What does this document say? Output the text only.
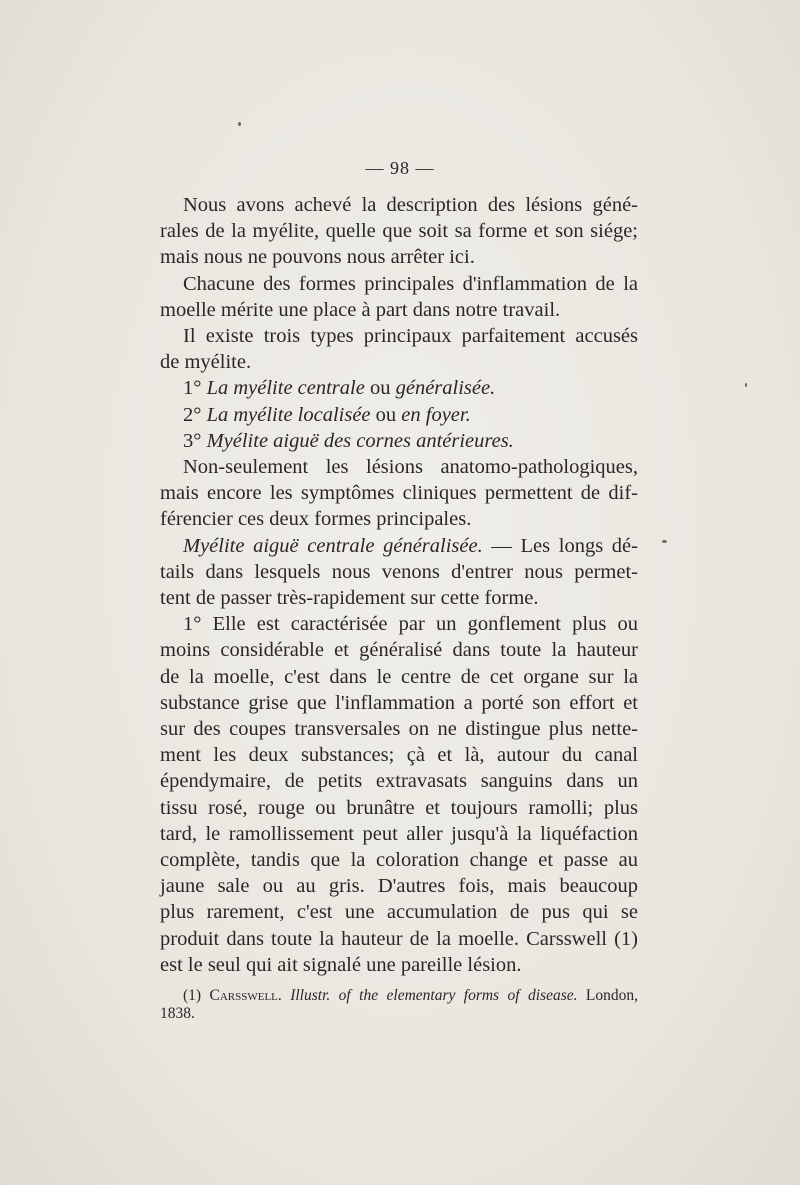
— 98 —
Nous avons achevé la description des lésions géné-
rales de la myélite, quelle que soit sa forme et son siége;
mais nous ne pouvons nous arrêter ici.
Chacune des formes principales d'inflammation de la
moelle mérite une place à part dans notre travail.
Il existe trois types principaux parfaitement accusés
de myélite.
1° La myélite centrale ou généralisée.
2° La myélite localisée ou en foyer.
3° Myélite aiguë des cornes antérieures.
Non-seulement les lésions anatomo-pathologiques,
mais encore les symptômes cliniques permettent de dif-
férencier ces deux formes principales.
Myélite aiguë centrale généralisée. — Les longs dé-
tails dans lesquels nous venons d'entrer nous permet-
tent de passer très-rapidement sur cette forme.
1° Elle est caractérisée par un gonflement plus ou
moins considérable et généralisé dans toute la hauteur
de la moelle, c'est dans le centre de cet organe sur la
substance grise que l'inflammation a porté son effort et
sur des coupes transversales on ne distingue plus nette-
ment les deux substances; çà et là, autour du canal
épendymaire, de petits extravasats sanguins dans un
tissu rosé, rouge ou brunâtre et toujours ramolli; plus
tard, le ramollissement peut aller jusqu'à la liquéfaction
complète, tandis que la coloration change et passe au
jaune sale ou au gris. D'autres fois, mais beaucoup
plus rarement, c'est une accumulation de pus qui se
produit dans toute la hauteur de la moelle. Carsswell (1)
est le seul qui ait signalé une pareille lésion.
(1) Carsswell. Illustr. of the elementary forms of disease. London,
1838.
